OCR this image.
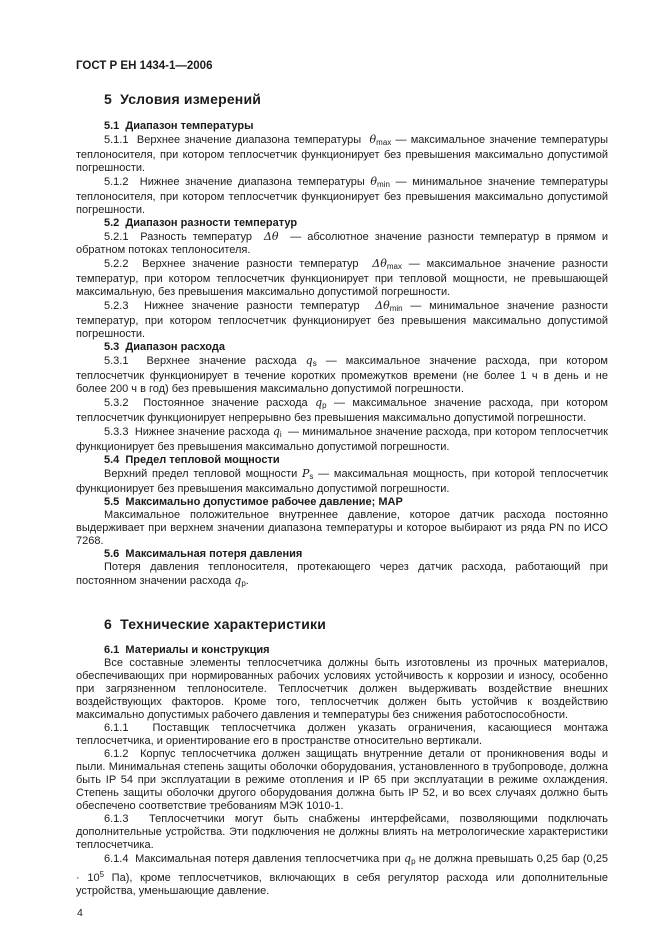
ГОСТ Р ЕН 1434-1—2006
5  Условия измерений

5.1  Диапазон температуры

5.1.1  Верхнее значение диапазона температуры  θmax — максимальное значение температуры теплоносителя, при котором теплосчетчик функционирует без превышения максимально допустимой погрешности.

5.1.2  Нижнее значение диапазона температуры θmin — минимальное значение температуры теплоносителя, при котором теплосчетчик функционирует без превышения максимально допустимой погрешности.

5.2  Диапазон разности температур

5.2.1  Разность температур  Δθ  — абсолютное значение разности температур в прямом и обратном потоках теплоносителя.

5.2.2  Верхнее значение разности температур  Δθmax — максимальное значение разности температур, при котором теплосчетчик функционирует при тепловой мощности, не превышающей максимальную, без превышения максимально допустимой погрешности.

5.2.3  Нижнее значение разности температур  Δθmin — минимальное значение разности температур, при котором теплосчетчик функционирует без превышения максимально допустимой погрешности.

5.3  Диапазон расхода

5.3.1  Верхнее значение расхода qs — максимальное значение расхода, при котором теплосчетчик функционирует в течение коротких промежутков времени (не более 1 ч в день и не более 200 ч в год) без превышения максимально допустимой погрешности.

5.3.2  Постоянное значение расхода qp — максимальное значение расхода, при котором теплосчетчик функционирует непрерывно без превышения максимально допустимой погрешности.

5.3.3  Нижнее значение расхода qi  — минимальное значение расхода, при котором теплосчетчик функционирует без превышения максимально допустимой погрешности.

5.4  Предел тепловой мощности

Верхний предел тепловой мощности Ps — максимальная мощность, при которой теплосчетчик функционирует без превышения максимально допустимой погрешности.

5.5  Максимально допустимое рабочее давление; МАР

Максимальное положительное внутреннее давление, которое датчик расхода постоянно выдерживает при верхнем значении диапазона температуры и которое выбирают из ряда PN по ИСО 7268.

5.6  Максимальная потеря давления

Потеря давления теплоносителя, протекающего через датчик расхода, работающий при постоянном значении расхода qp.

6  Технические характеристики

6.1  Материалы и конструкция

Все составные элементы теплосчетчика должны быть изготовлены из прочных материалов, обеспечивающих при нормированных рабочих условиях устойчивость к коррозии и износу, особенно при загрязненном теплоносителе. Теплосчетчик должен выдерживать воздействие внешних воздействующих факторов. Кроме того, теплосчетчик должен быть устойчив к воздействию максимально допустимых рабочего давления и температуры без снижения работоспособности.

6.1.1  Поставщик теплосчетчика должен указать ограничения, касающиеся монтажа теплосчетчика, и ориентирование его в пространстве относительно вертикали.

6.1.2  Корпус теплосчетчика должен защищать внутренние детали от проникновения воды и пыли. Минимальная степень защиты оболочки оборудования, установленного в трубопроводе, должна быть IP 54 при эксплуатации в режиме отопления и IP 65 при эксплуатации в режиме охлаждения. Степень защиты оболочки другого оборудования должна быть IP 52, и во всех случаях должно быть обеспечено соответствие требованиям МЭК 1010-1.

6.1.3  Теплосчетчики могут быть снабжены интерфейсами, позволяющими подключать дополнительные устройства. Эти подключения не должны влиять на метрологические характеристики теплосчетчика.

6.1.4  Максимальная потеря давления теплосчетчика при qp не должна превышать 0,25 бар ($0,25 \cdot 10^5$ Па), кроме теплосчетчиков, включающих в себя регулятор расхода или дополнительные устройства, уменьшающие давление.

4
